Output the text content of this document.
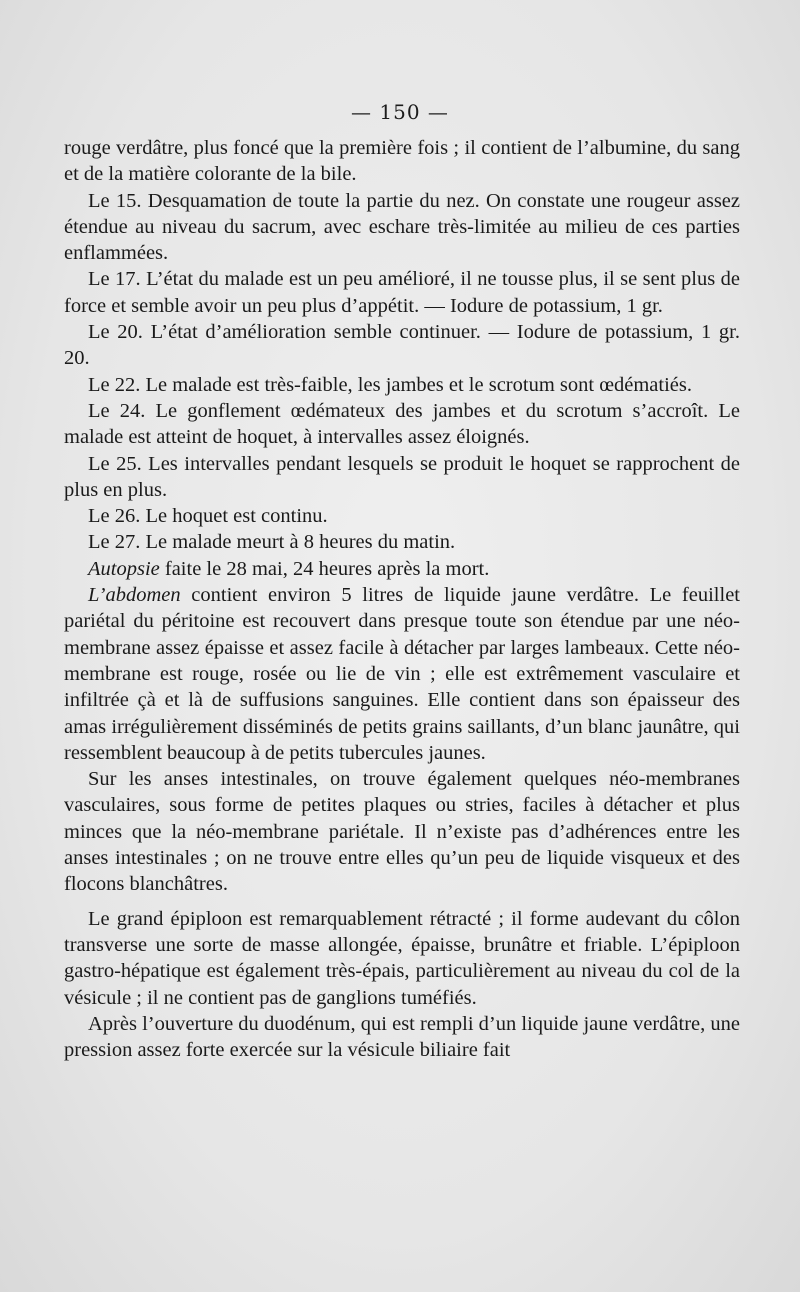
— 150 —

rouge verdâtre, plus foncé que la première fois ; il contient de l’albumine, du sang et de la matière colorante de la bile.

Le 15. Desquamation de toute la partie du nez. On constate une rougeur assez étendue au niveau du sacrum, avec eschare très-limitée au milieu de ces parties enflammées.

Le 17. L’état du malade est un peu amélioré, il ne tousse plus, il se sent plus de force et semble avoir un peu plus d’appétit. — Iodure de potassium, 1 gr.

Le 20. L’état d’amélioration semble continuer. — Iodure de potassium, 1 gr. 20.

Le 22. Le malade est très-faible, les jambes et le scrotum sont œdématiés.

Le 24. Le gonflement œdémateux des jambes et du scrotum s’accroît. Le malade est atteint de hoquet, à intervalles assez éloignés.

Le 25. Les intervalles pendant lesquels se produit le hoquet se rapprochent de plus en plus.

Le 26. Le hoquet est continu.

Le 27. Le malade meurt à 8 heures du matin.

Autopsie faite le 28 mai, 24 heures après la mort.

L’abdomen contient environ 5 litres de liquide jaune verdâtre. Le feuillet pariétal du péritoine est recouvert dans presque toute son étendue par une néo-membrane assez épaisse et assez facile à détacher par larges lambeaux. Cette néo-membrane est rouge, rosée ou lie de vin ; elle est extrêmement vasculaire et infiltrée çà et là de suffusions sanguines. Elle contient dans son épaisseur des amas irrégulièrement disséminés de petits grains saillants, d’un blanc jaunâtre, qui ressemblent beaucoup à de petits tubercules jaunes.

Sur les anses intestinales, on trouve également quelques néo-membranes vasculaires, sous forme de petites plaques ou stries, faciles à détacher et plus minces que la néo-membrane pariétale. Il n’existe pas d’adhérences entre les anses intestinales ; on ne trouve entre elles qu’un peu de liquide visqueux et des flocons blanchâtres.

Le grand épiploon est remarquablement rétracté ; il forme audevant du côlon transverse une sorte de masse allongée, épaisse, brunâtre et friable. L’épiploon gastro-hépatique est également très-épais, particulièrement au niveau du col de la vésicule ; il ne contient pas de ganglions tuméfiés.

Après l’ouverture du duodénum, qui est rempli d’un liquide jaune verdâtre, une pression assez forte exercée sur la vésicule biliaire fait
